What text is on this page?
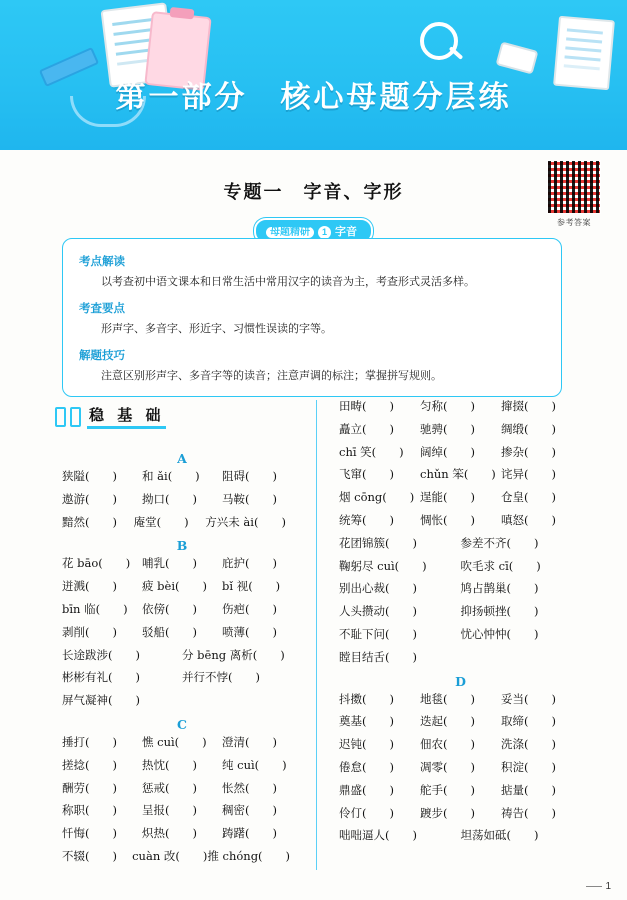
第一部分　核心母题分层练
参考答案
专题一　字音、字形
母题精研 1 字音
考点解读

以考查初中语文课本和日常生活中常用汉字的读音为主，考查形式灵活多样。

考查要点

形声字、多音字、形近字、习惯性误读的字等。

解题技巧

注意区别形声字、多音字等的读音；注意声调的标注；掌握拼写规则。

稳 基 础
A
狭隘(　　)	和 ǎi(　　)	阻碍(　　)
遨游(　　)	拗口(　　)	马鞍(　　)
黯然(　　)	庵堂(　　)	方兴未 ài(　　)
B
花 bāo(　　)	哺乳(　　)	庇护(　　)
迸溅(　　)	疲 bèi(　　)	bǐ 视(　　)
bīn 临(　　)	依傍(　　)	伤疤(　　)
剥削(　　)	驳船(　　)	喷薄(　　)
长途跋涉(　　)	分 bēng 离析(　　)
彬彬有礼(　　)	并行不悖(　　)
屏气凝神(　　)
C
捶打(　　)	憔 cuì(　　)	澄清(　　)
搓捻(　　)	热忱(　　)	纯 cuì(　　)
酬劳(　　)	惩戒(　　)	怅然(　　)
称职(　　)	呈报(　　)	稠密(　　)
忏悔(　　)	炽热(　　)	踌躇(　　)
不辍(　　)	cuàn 改(　　) 推 chóng(　　)
田畴(　　)	匀称(　　)	撺掇(　　)
矗立(　　)	驰骋(　　)	绸缎(　　)
chī 笑(　　)	阔绰(　　)	掺杂(　　)
飞窜(　　)	chǔn 笨(　　) 诧异(　　)
烟 cōng(　　) 逞能(　　)	仓皇(　　)
统筹(　　)	惆怅(　　)	嗔怒(　　)
花团锦簇(　　)	参差不齐(　　)
鞠躬尽 cuì(　　)	吹毛求 cī(　　)
别出心裁(　　)	鸠占鹊巢(　　)
人头攒动(　　)	抑扬顿挫(　　)
不耻下问(　　)	忧心忡忡(　　)
瞠目结舌(　　)
D
抖擞(　　)	地毯(　　)	妥当(　　)
奠基(　　)	迭起(　　)	取缔(　　)
迟钝(　　)	佃农(　　)	洗涤(　　)
倦怠(　　)	凋零(　　)	积淀(　　)
鼎盛(　　)	舵手(　　)	掂量(　　)
伶仃(　　)	踱步(　　)	祷告(　　)
咄咄逼人(　　)	坦荡如砥(　　)
1
